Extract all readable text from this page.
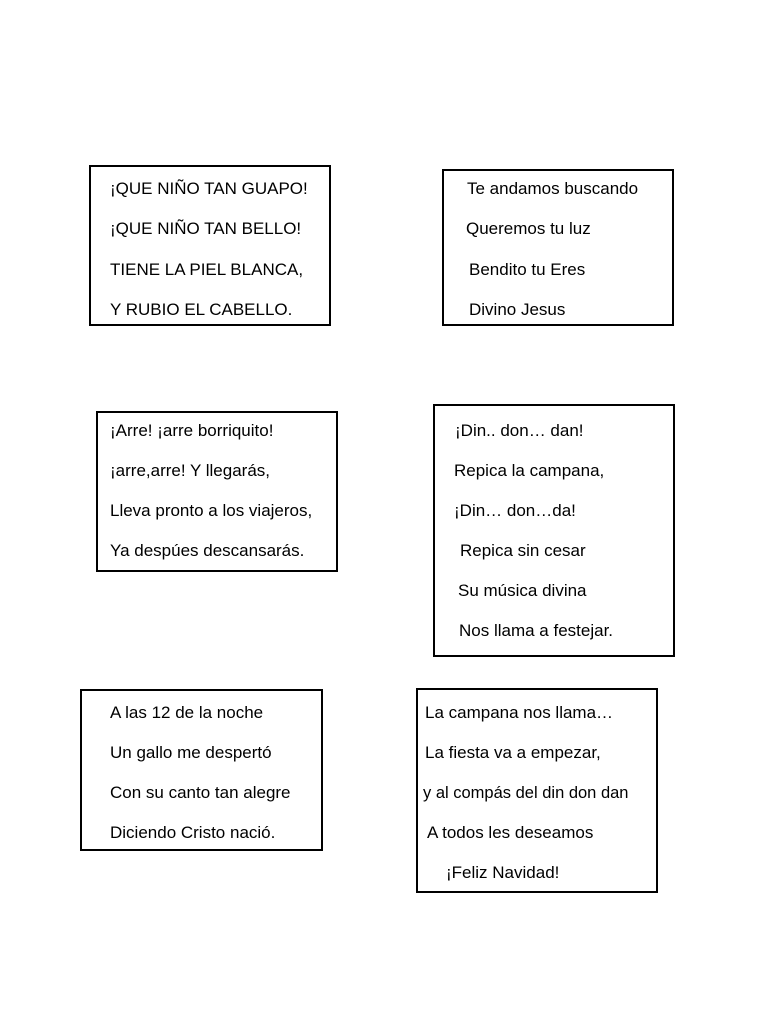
¡QUE NIÑO TAN GUAPO!
¡QUE NIÑO TAN BELLO!
TIENE LA PIEL BLANCA,
Y RUBIO EL CABELLO.
Te andamos buscando
Queremos tu luz
Bendito tu Eres
Divino Jesus
¡Arre! ¡arre borriquito!
¡arre,arre! Y llegarás,
Lleva pronto a los viajeros,
Ya despúes descansarás.
¡Din.. don… dan!
Repica la campana,
¡Din… don…da!
Repica sin cesar
Su música divina
Nos llama a festejar.
A las 12 de la noche
Un gallo me despertó
Con su canto tan alegre
Diciendo Cristo nació.
La campana nos llama…
La fiesta va a empezar,
y al compás del din don dan
A todos les deseamos
¡Feliz Navidad!
